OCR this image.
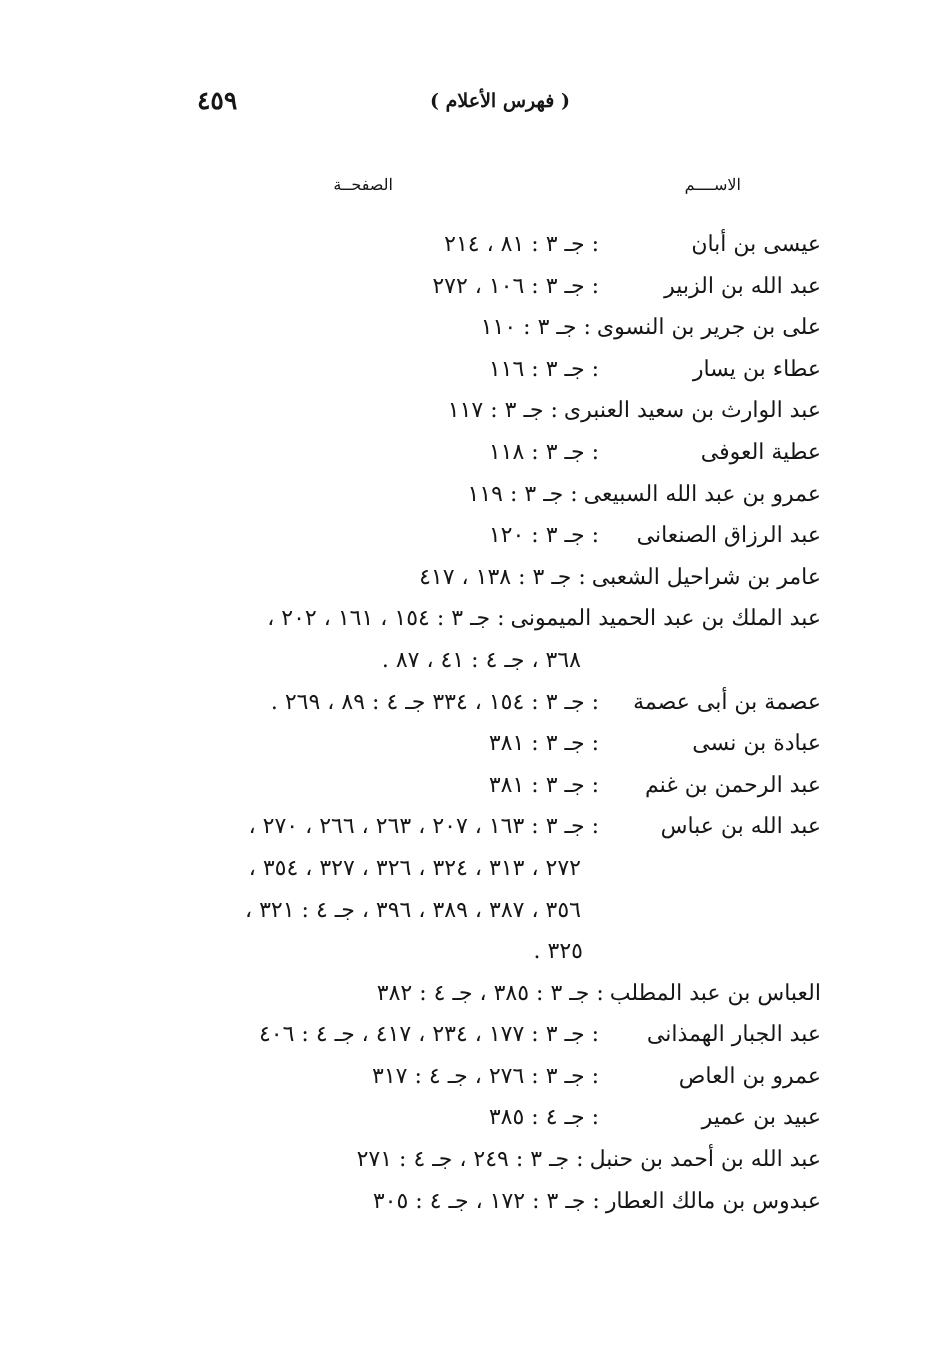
٤٥٩	( فهرس الأعلام )
الاســــم
الصفحــة
عيسى بن أبان: جـ ٣ : ٨١ ، ٢١٤
عبد الله بن الزبير: جـ ٣ : ١٠٦ ، ٢٧٢
على بن جرير بن النسوى: جـ ٣ : ١١٠
عطاء بن يسار: جـ ٣ : ١١٦
عبد الوارث بن سعيد العنبرى: جـ ٣ : ١١٧
عطية العوفى: جـ ٣ : ١١٨
عمرو بن عبد الله السبيعى: جـ ٣ : ١١٩
عبد الرزاق الصنعانى: جـ ٣ : ١٢٠
عامر بن شراحيل الشعبى: جـ ٣ : ١٣٨ ، ٤١٧
عبد الملك بن عبد الحميد الميمونى: جـ ٣ : ١٥٤ ، ١٦١ ، ٢٠٢ ،
٣٦٨ ، جـ ٤ : ٤١ ، ٨٧ .
عصمة بن أبى عصمة: جـ ٣ : ١٥٤ ، ٣٣٤ جـ ٤ : ٨٩ ، ٢٦٩ .
عبادة بن نسى: جـ ٣ : ٣٨١
عبد الرحمن بن غنم: جـ ٣ : ٣٨١
عبد الله بن عباس: جـ ٣ : ١٦٣ ، ٢٠٧ ، ٢٦٣ ، ٢٦٦ ، ٢٧٠ ،
٢٧٢ ، ٣١٣ ، ٣٢٤ ، ٣٢٦ ، ٣٢٧ ، ٣٥٤ ،
٣٥٦ ، ٣٨٧ ، ٣٨٩ ، ٣٩٦ ، جـ ٤ : ٣٢١ ،
٣٢٥ .
العباس بن عبد المطلب: جـ ٣ : ٣٨٥ ، جـ ٤ : ٣٨٢
عبد الجبار الهمذانى: جـ ٣ : ١٧٧ ، ٢٣٤ ، ٤١٧ ، جـ ٤ : ٤٠٦
عمرو بن العاص: جـ ٣ : ٢٧٦ ، جـ ٤ : ٣١٧
عبيد بن عمير: جـ ٤ : ٣٨٥
عبد الله بن أحمد بن حنبل: جـ ٣ : ٢٤٩ ، جـ ٤ : ٢٧١
عبدوس بن مالك العطار: جـ ٣ : ١٧٢ ، جـ ٤ : ٣٠٥
